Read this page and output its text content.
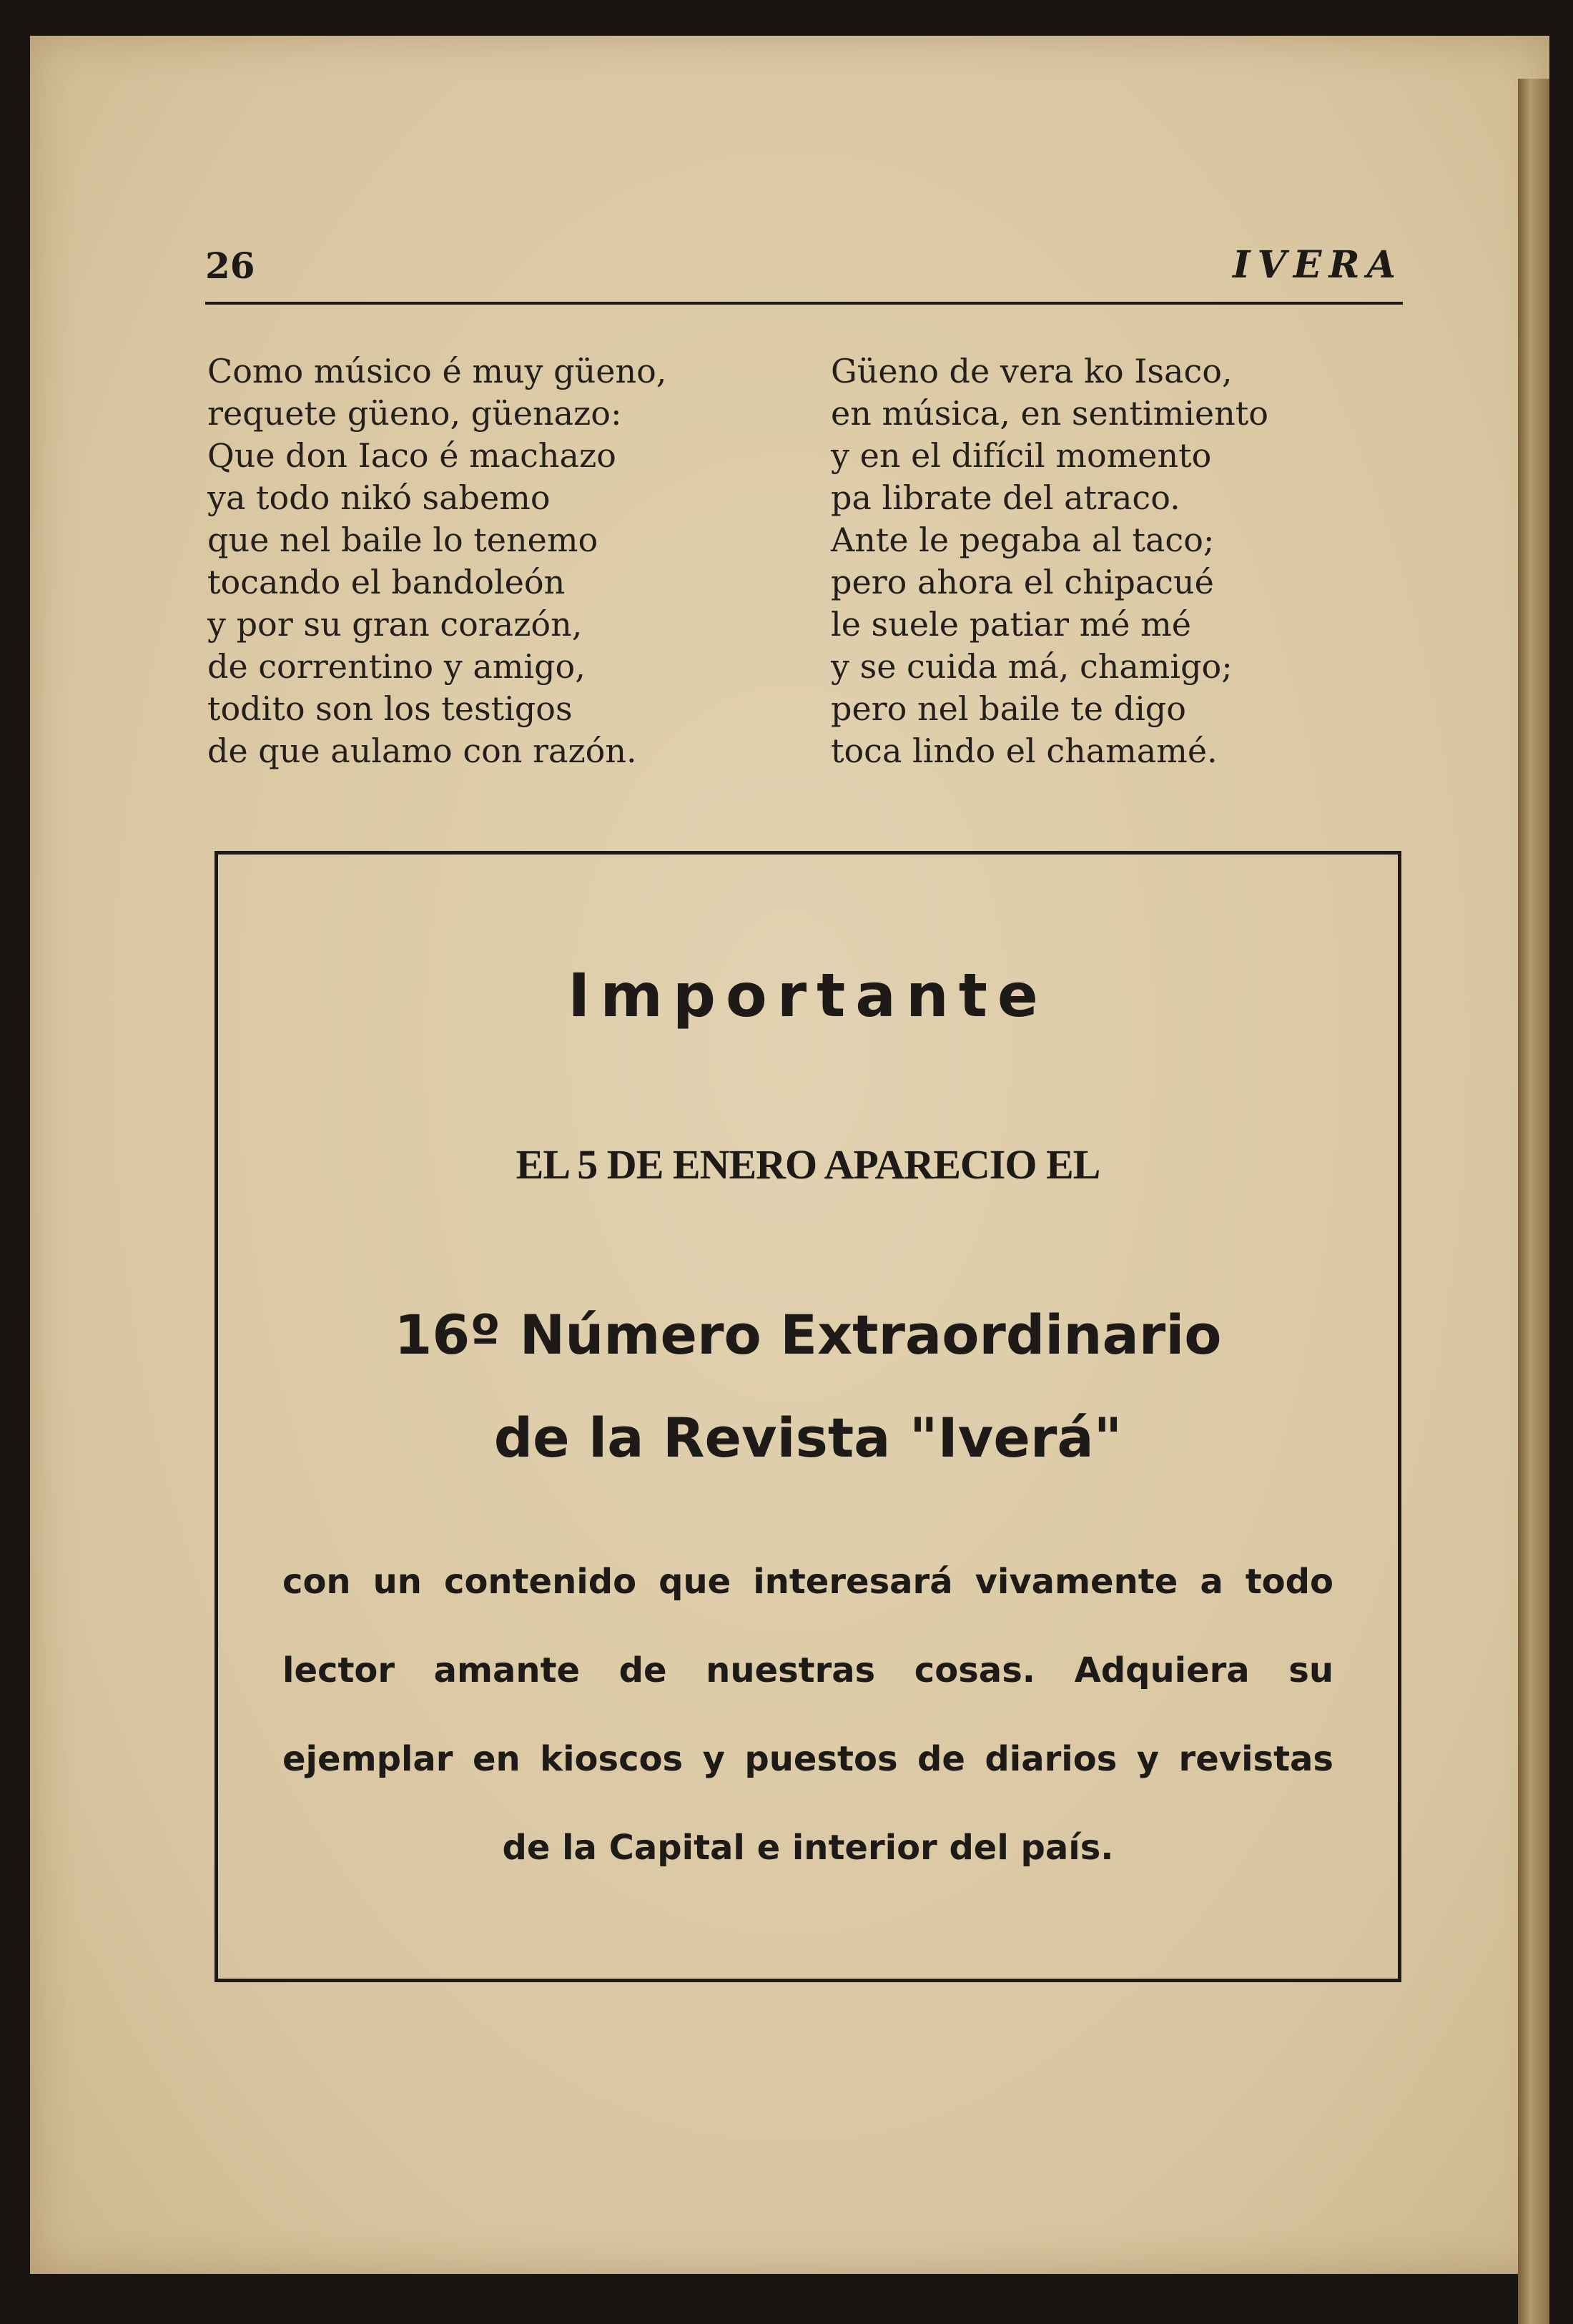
26	IVERA
Como músico é muy güeno,
requete güeno, güenazo:
Que don Iaco é machazo
ya todo nikó sabemo
que nel baile lo tenemo
tocando el bandoleón
y por su gran corazón,
de correntino y amigo,
todito son los testigos
de que aulamo con razón.
Güeno de vera ko Isaco,
en música, en sentimiento
y en el difícil momento
pa librate del atraco.
Ante le pegaba al taco;
pero ahora el chipacué
le suele patiar mé mé
y se cuida má, chamigo;
pero nel baile te digo
toca lindo el chamamé.
Importante
EL 5 DE ENERO APARECIO EL
16º Número Extraordinario
de la Revista "Iverá"
con un contenido que interesará vivamente a todo
lector amante de nuestras cosas. Adquiera su
ejemplar en kioscos y puestos de diarios y revistas
de la Capital e interior del país.
